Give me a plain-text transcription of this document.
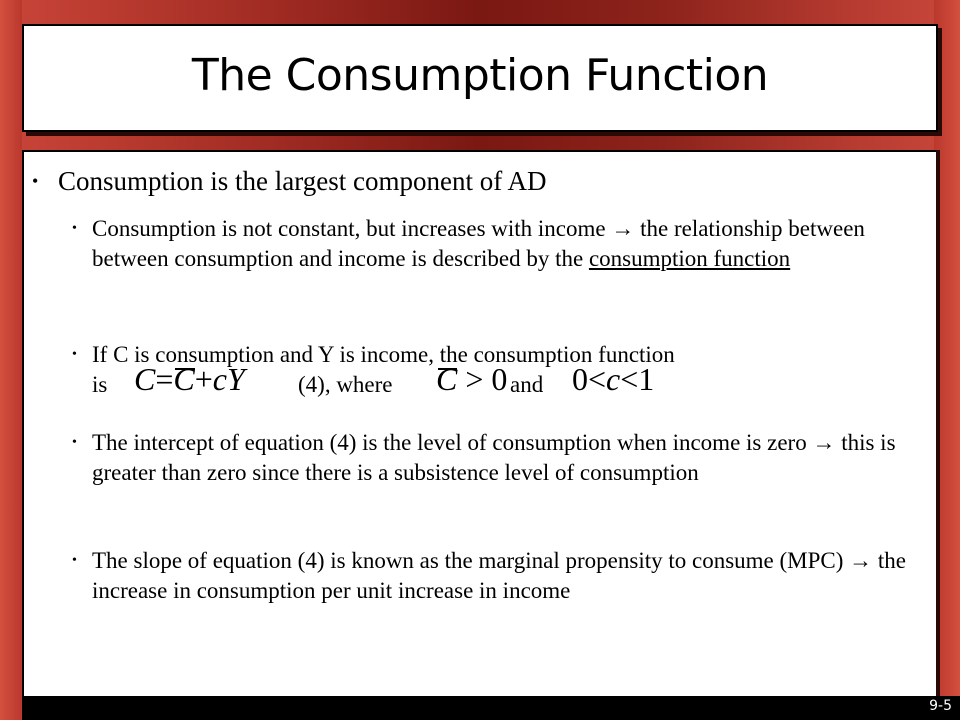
The Consumption Function
• Consumption is the largest component of AD
• Consumption is not constant, but increases with income → the relationship between between consumption and income is described by the consumption function
• If C is consumption and Y is income, the consumption function
is C=C+cY (4), where C > 0 and 0<c<1
• The intercept of equation (4) is the level of consumption when income is zero → this is greater than zero since there is a subsistence level of consumption
• The slope of equation (4) is known as the marginal propensity to consume (MPC) → the increase in consumption per unit increase in income
9-5
